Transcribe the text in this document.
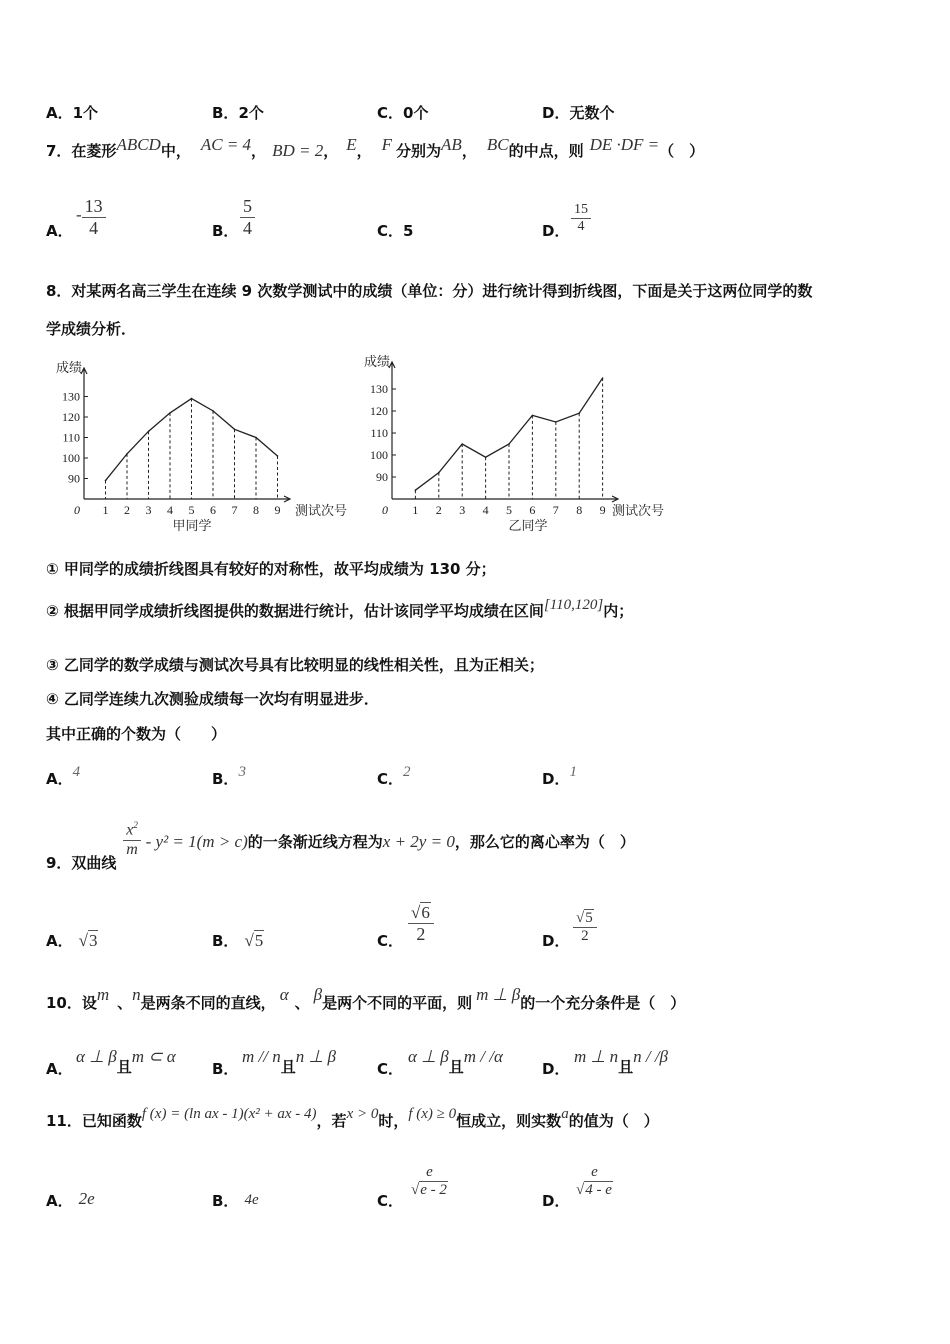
A．1个	B．2个	C．0个	D．无数个
7．在菱形ABCD中， AC = 4， BD = 2， E， F 分别为AB， BC的中点，则 DE ·DF =（　）
A．
- $\frac{13}{4}$	B． $\frac{5}{4}$	C．5	D． $\frac{15}{4}$
8．对某两名高三学生在连续 9 次数学测试中的成绩（单位：分）进行统计得到折线图，下面是关于这两位同学的数
学成绩分析．
成绩
90
100
110
120
130
0 1 2 3 4 5 6 7 8 9 测试次号
甲同学
成绩
90
100
110
120
130
0 1 2 3 4 5 6 7 8 9 测试次号
乙同学
① 甲同学的成绩折线图具有较好的对称性，故平均成绩为 130 分；
② 根据甲同学成绩折线图提供的数据进行统计，估计该同学平均成绩在区间[110,120]内；
③ 乙同学的数学成绩与测试次号具有比较明显的线性相关性，且为正相关；
④ 乙同学连续九次测验成绩每一次均有明显进步．
其中正确的个数为（　　）
A．4	B．3	C．2	D．1
9．双曲线
$\frac{x^2}{m} - y^2 = 1(m > c)$的一条渐近线方程为x + 2y = 0，那么它的离心率为（　）
A． √3	B． √5	C． $\frac{√6}{2}$	D． $\frac{√5}{2}$
10．设m 、n是两条不同的直线， α 、 β是两个不同的平面，则 m ⊥ β的一个充分条件是（　）
A．
α ⊥ β且m ⊂ α
B．
m // n且n ⊥ β
C．
α ⊥ β且m / /α
D．
m ⊥ n且n / /β
11．已知函数f (x) = (ln ax - 1)(x² + ax - 4)，若x > 0时，f (x) ≥ 0恒成立，则实数a的值为（　）
A． 2e	B． 4e	C．
$\frac{e}{√e - 2}$
D．
$\frac{e}{√4 - e}$
